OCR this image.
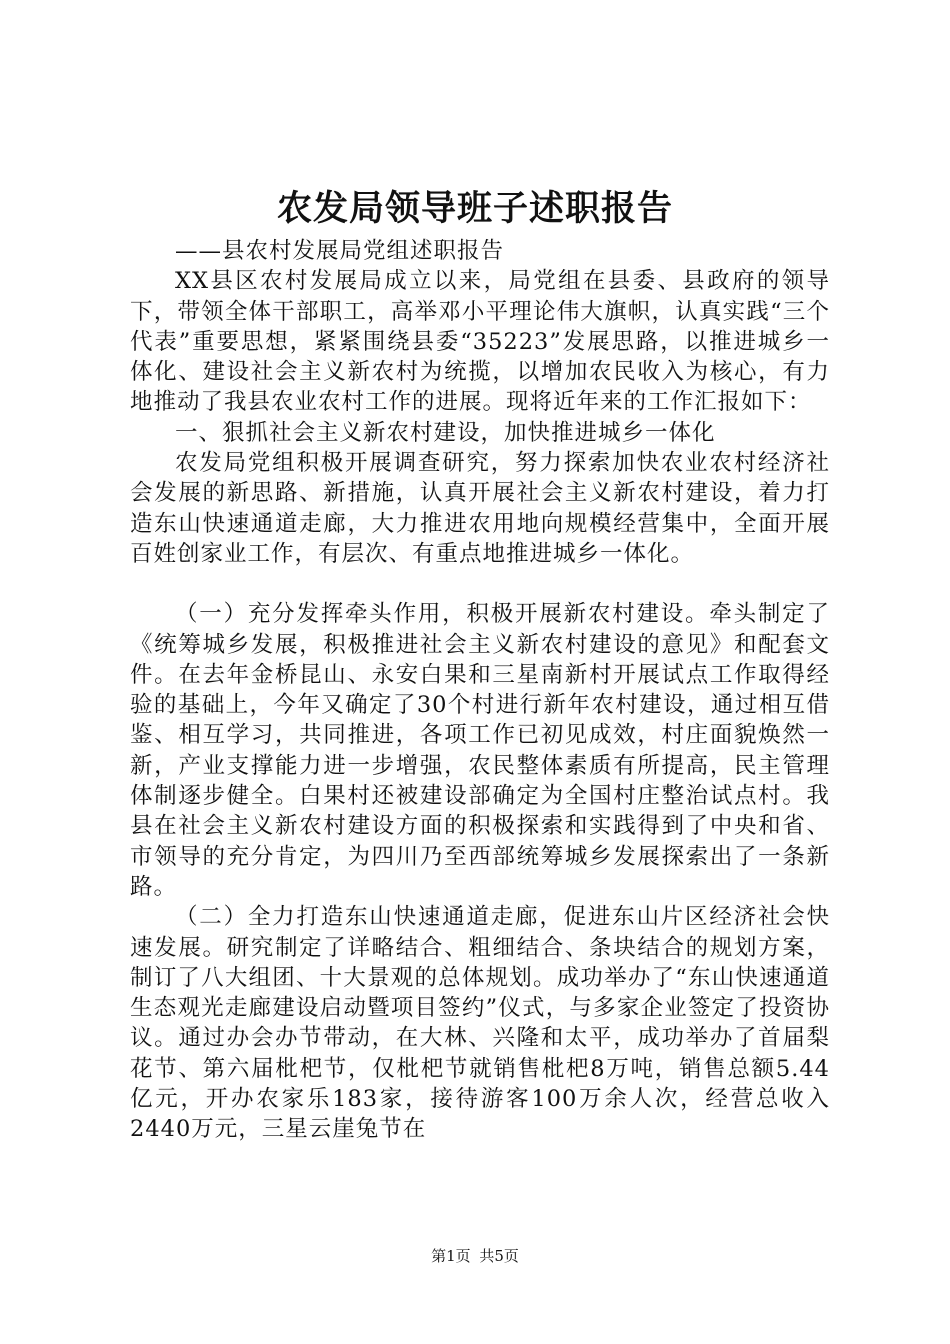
农发局领导班子述职报告

——县农村发展局党组述职报告

XX县区农村发展局成立以来，局党组在县委、县政府的领导下，带领全体干部职工，高举邓小平理论伟大旗帜，认真实践“三个代表”重要思想，紧紧围绕县委“35223”发展思路，以推进城乡一体化、建设社会主义新农村为统揽，以增加农民收入为核心，有力地推动了我县农业农村工作的进展。现将近年来的工作汇报如下：

一、狠抓社会主义新农村建设，加快推进城乡一体化

农发局党组积极开展调查研究，努力探索加快农业农村经济社会发展的新思路、新措施，认真开展社会主义新农村建设，着力打造东山快速通道走廊，大力推进农用地向规模经营集中，全面开展百姓创家业工作，有层次、有重点地推进城乡一体化。

（一）充分发挥牵头作用，积极开展新农村建设。牵头制定了《统筹城乡发展，积极推进社会主义新农村建设的意见》和配套文件。在去年金桥昆山、永安白果和三星南新村开展试点工作取得经验的基础上，今年又确定了30个村进行新年农村建设，通过相互借鉴、相互学习，共同推进，各项工作已初见成效，村庄面貌焕然一新，产业支撑能力进一步增强，农民整体素质有所提高，民主管理体制逐步健全。白果村还被建设部确定为全国村庄整治试点村。我县在社会主义新农村建设方面的积极探索和实践得到了中央和省、市领导的充分肯定，为四川乃至西部统筹城乡发展探索出了一条新路。

（二）全力打造东山快速通道走廊，促进东山片区经济社会快速发展。研究制定了详略结合、粗细结合、条块结合的规划方案，制订了八大组团、十大景观的总体规划。成功举办了“东山快速通道生态观光走廊建设启动暨项目签约”仪式，与多家企业签定了投资协议。通过办会办节带动，在大林、兴隆和太平，成功举办了首届梨花节、第六届枇杷节，仅枇杷节就销售枇杷8万吨，销售总额5.44亿元，开办农家乐183家，接待游客100万余人次，经营总收入2440万元，三星云崖兔节在

第1页 共5页
